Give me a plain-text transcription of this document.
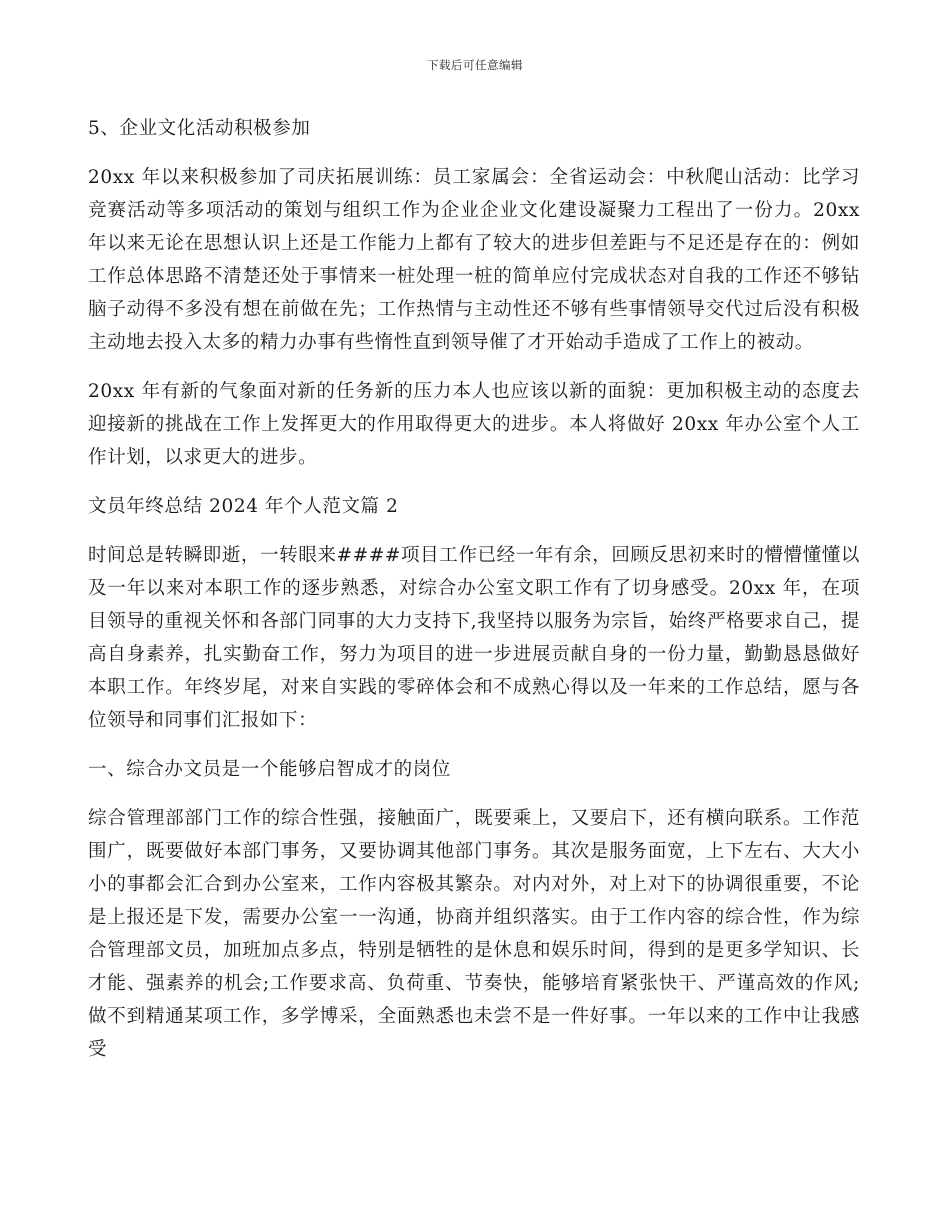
下载后可任意编辑

5、企业文化活动积极参加

20xx 年以来积极参加了司庆拓展训练：员工家属会：全省运动会：中秋爬山活动：比学习竞赛活动等多项活动的策划与组织工作为企业企业文化建设凝聚力工程出了一份力。20xx 年以来无论在思想认识上还是工作能力上都有了较大的进步但差距与不足还是存在的：例如工作总体思路不清楚还处于事情来一桩处理一桩的简单应付完成状态对自我的工作还不够钻脑子动得不多没有想在前做在先；工作热情与主动性还不够有些事情领导交代过后没有积极主动地去投入太多的精力办事有些惰性直到领导催了才开始动手造成了工作上的被动。

20xx 年有新的气象面对新的任务新的压力本人也应该以新的面貌：更加积极主动的态度去迎接新的挑战在工作上发挥更大的作用取得更大的进步。本人将做好 20xx 年办公室个人工作计划，以求更大的进步。

文员年终总结 2024 年个人范文篇 2

时间总是转瞬即逝，一转眼来####项目工作已经一年有余，回顾反思初来时的懵懵懂懂以及一年以来对本职工作的逐步熟悉，对综合办公室文职工作有了切身感受。20xx 年，在项目领导的重视关怀和各部门同事的大力支持下,我坚持以服务为宗旨，始终严格要求自己，提高自身素养，扎实勤奋工作，努力为项目的进一步进展贡献自身的一份力量，勤勤恳恳做好本职工作。年终岁尾，对来自实践的零碎体会和不成熟心得以及一年来的工作总结，愿与各位领导和同事们汇报如下：

一、综合办文员是一个能够启智成才的岗位

综合管理部部门工作的综合性强，接触面广，既要乘上，又要启下，还有横向联系。工作范围广，既要做好本部门事务，又要协调其他部门事务。其次是服务面宽，上下左右、大大小小的事都会汇合到办公室来，工作内容极其繁杂。对内对外，对上对下的协调很重要，不论是上报还是下发，需要办公室一一沟通，协商并组织落实。由于工作内容的综合性，作为综合管理部文员，加班加点多点，特别是牺牲的是休息和娱乐时间，得到的是更多学知识、长才能、强素养的机会;工作要求高、负荷重、节奏快，能够培育紧张快干、严谨高效的作风;做不到精通某项工作，多学博采，全面熟悉也未尝不是一件好事。一年以来的工作中让我感受
